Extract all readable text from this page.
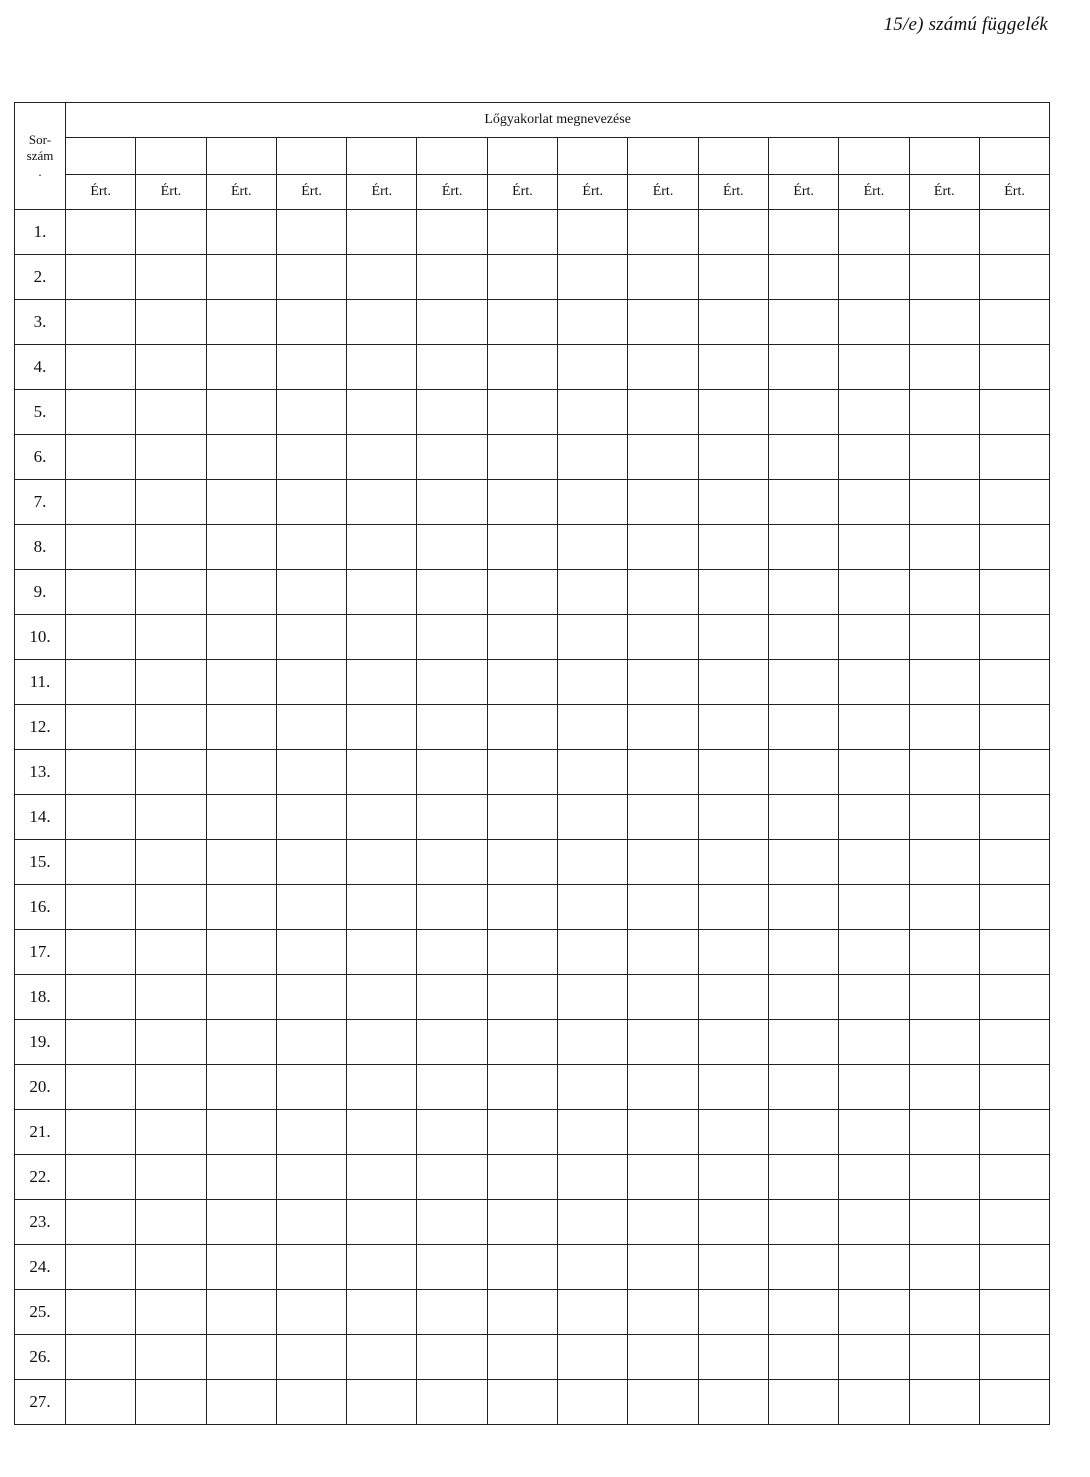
15/e) számú függelék
Sor-
szám
.	Lőgyakorlat megnevezése													

	Ért.	Ért.	Ért.	Ért.	Ért.	Ért.	Ért.	Ért.	Ért.	Ért.	Ért.	Ért.	Ért.	Ért.
1.														
2.														
3.														
4.														
5.														
6.														
7.														
8.														
9.														
10.														
11.														
12.														
13.														
14.														
15.														
16.														
17.														
18.														
19.														
20.														
21.														
22.														
23.														
24.														
25.														
26.														
27.														
